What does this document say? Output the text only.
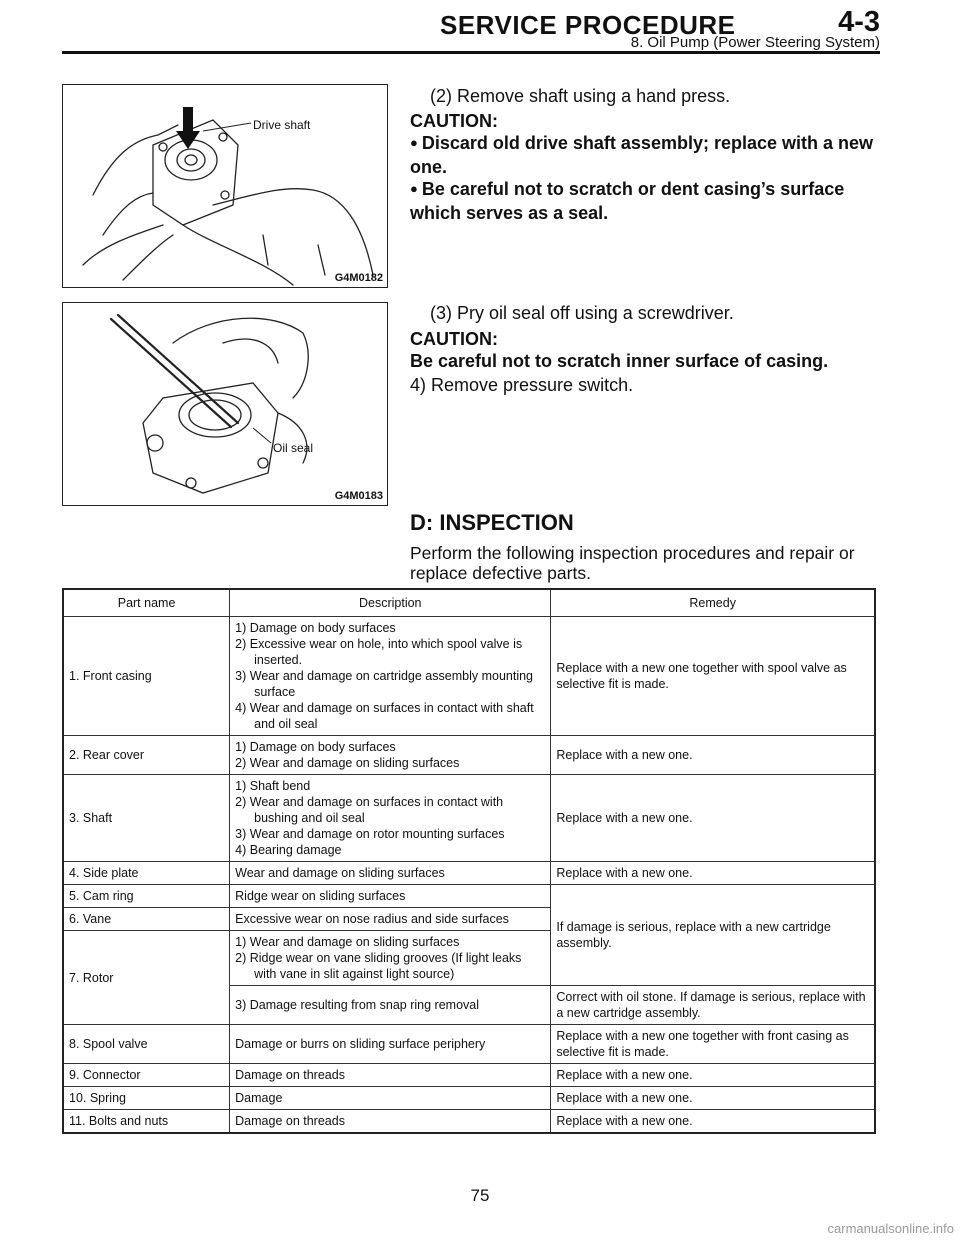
SERVICE PROCEDURE	4-3
8. Oil Pump (Power Steering System)
Drive shaft
G4M0182
(2) Remove shaft using a hand press.
CAUTION:
● Discard old drive shaft assembly; replace with a new one.
● Be careful not to scratch or dent casing’s surface which serves as a seal.
Oil seal
G4M0183
(3) Pry oil seal off using a screwdriver.
CAUTION:
Be careful not to scratch inner surface of casing.
4) Remove pressure switch.
D: INSPECTION
Perform the following inspection procedures and repair or replace defective parts.
Part name	Description	Remedy
1. Front casing	1) Damage on body surfaces
2) Excessive wear on hole, into which spool valve is inserted.
3) Wear and damage on cartridge assembly mounting surface
4) Wear and damage on surfaces in contact with shaft and oil seal	Replace with a new one together with spool valve as selective fit is made.
2. Rear cover	1) Damage on body surfaces
2) Wear and damage on sliding surfaces	Replace with a new one.
3. Shaft	1) Shaft bend
2) Wear and damage on surfaces in contact with bushing and oil seal
3) Wear and damage on rotor mounting surfaces
4) Bearing damage	Replace with a new one.
4. Side plate	Wear and damage on sliding surfaces	Replace with a new one.
5. Cam ring	Ridge wear on sliding surfaces	If damage is serious, replace with a new cartridge assembly.
6. Vane	Excessive wear on nose radius and side surfaces	
7. Rotor	1) Wear and damage on sliding surfaces
2) Ridge wear on vane sliding grooves (If light leaks with vane in slit against light source)	

	3) Damage resulting from snap ring removal	Correct with oil stone. If damage is serious, replace with a new cartridge assembly.
8. Spool valve	Damage or burrs on sliding surface periphery	Replace with a new one together with front casing as selective fit is made.
9. Connector	Damage on threads	Replace with a new one.
10. Spring	Damage	Replace with a new one.
11. Bolts and nuts	Damage on threads	Replace with a new one.
75
carmanualsonline.info
